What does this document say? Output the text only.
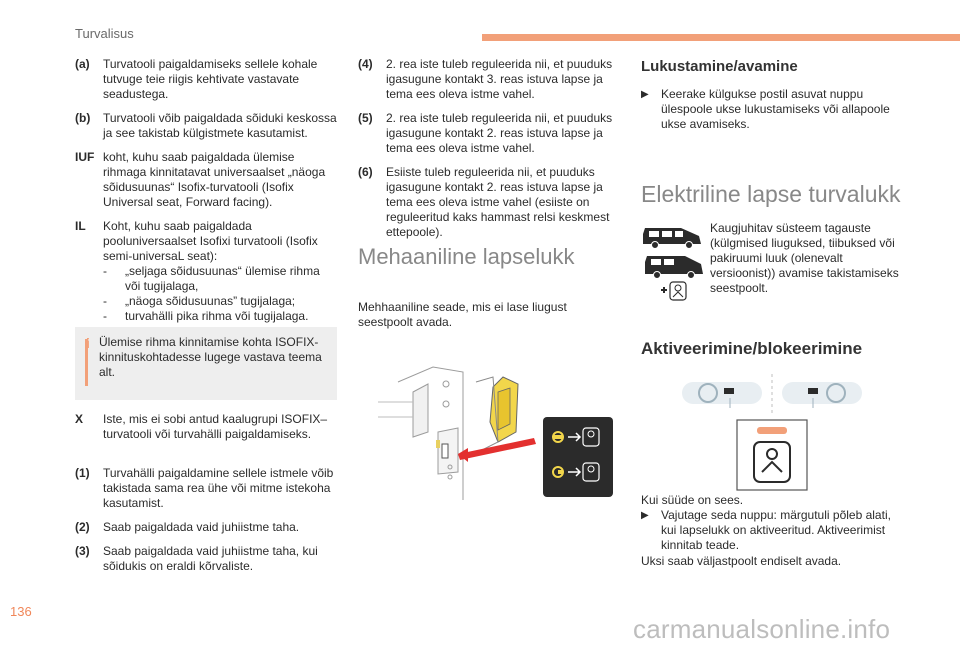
Turvalisus
(a)	Turvatooli paigaldamiseks sellele kohale tutvuge teie riigis kehtivate vastavate seadustega.
(b)	Turvatooli võib paigaldada sõiduki keskossa ja see takistab külgistmete kasutamist.
IUF koht, kuhu saab paigaldada ülemise rihmaga kinnitatavat universaalset „näoga sõidusuunas“ Isofix-turvatooli (Isofix Universal seat, Forward facing).
IL	Koht, kuhu saab paigaldada pooluniversaalset Isofixi turvatooli (Isofix semi-universaL seat):
-	„seljaga sõidusuunas“ ülemise rihma või tugijalaga,
-	„näoga sõidusuunas” tugijalaga;
-	turvahälli pika rihma või tugijalaga.
i Ülemise rihma kinnitamise kohta ISOFIX-kinnituskohtadesse lugege vastava teema alt.
X	Iste, mis ei sobi antud kaalugrupi ISOFIX–turvatooli või turvahälli paigaldamiseks.
(1)	Turvahälli paigaldamine sellele istmele võib takistada sama rea ühe või mitme istekoha kasutamist.
(2)	Saab paigaldada vaid juhiistme taha.
(3)	Saab paigaldada vaid juhiistme taha, kui sõidukis on eraldi kõrvaliste.
(4)	2. rea iste tuleb reguleerida nii, et puuduks igasugune kontakt 3. reas istuva lapse ja tema ees oleva istme vahel.
(5)	2. rea iste tuleb reguleerida nii, et puuduks igasugune kontakt 2. reas istuva lapse ja tema ees oleva istme vahel.
(6)	Esiiste tuleb reguleerida nii, et puuduks igasugune kontakt 2. reas istuva lapse ja tema ees oleva istme vahel (esiiste on reguleeritud kaks hammast relsi keskmest ettepoole).
Mehaaniline lapselukk
Mehhaaniline seade, mis ei lase liugust seestpoolt avada.
Lukustamine/avamine
▶	Keerake külgukse postil asuvat nuppu ülespoole ukse lukustamiseks või allapoole ukse avamiseks.
Elektriline lapse turvalukk
Kaugjuhitav süsteem tagauste (külgmised liuguksed, tiibuksed või pakiruumi luuk (olenevalt versioonist)) avamise takistamiseks seestpoolt.
Aktiveerimine/blokeerimine
Kui süüde on sees.
▶	Vajutage seda nuppu: märgutuli põleb alati, kui lapselukk on aktiveeritud. Aktiveerimist kinnitab teade.
Uksi saab väljastpoolt endiselt avada.
136
carmanualsonline.info
